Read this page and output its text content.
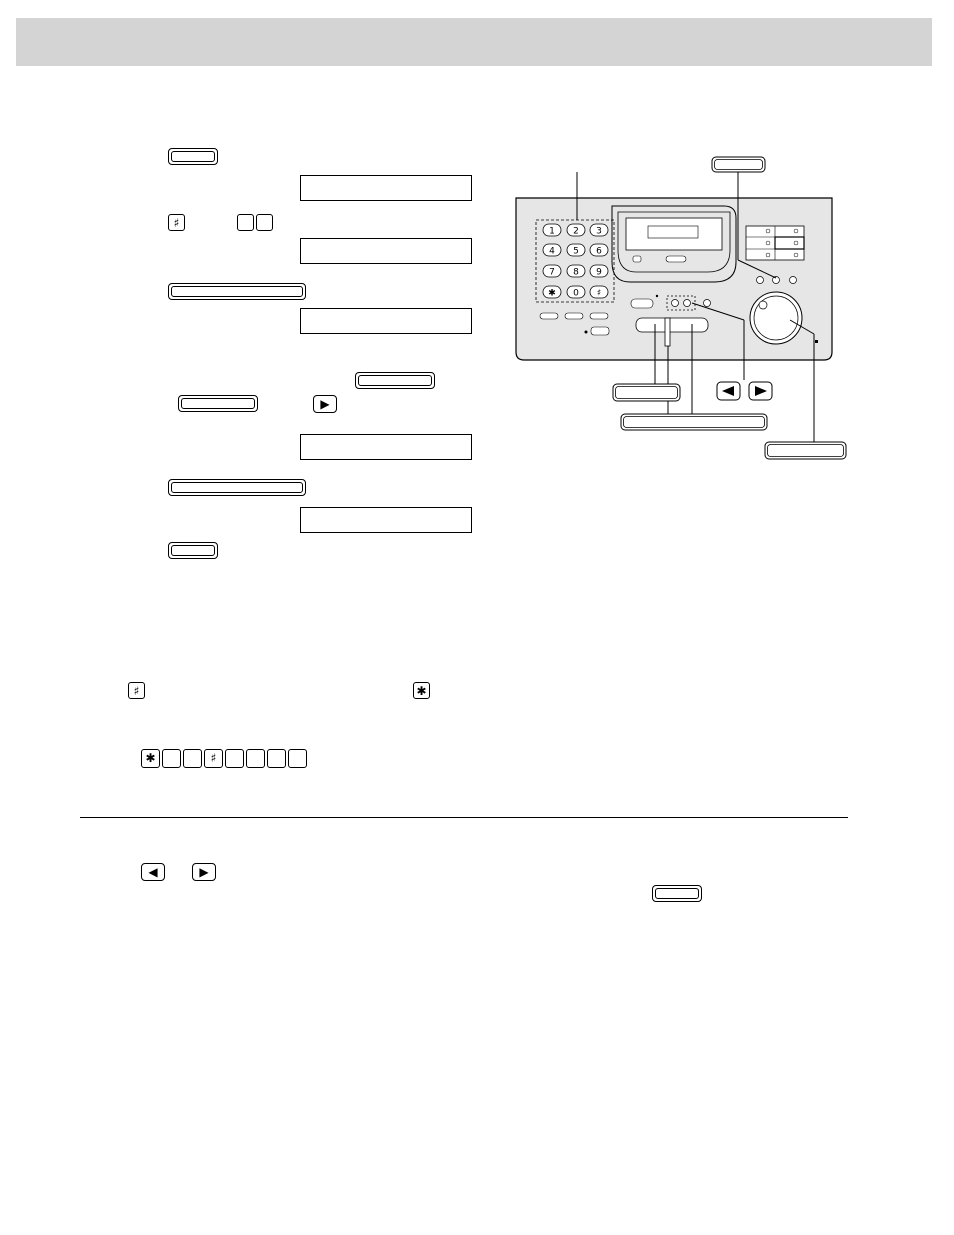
♯
▶
♯	✱
✱	♯
◀	▶
1 2 3
4 5 6
7 8 9
✱ 0 ♯
